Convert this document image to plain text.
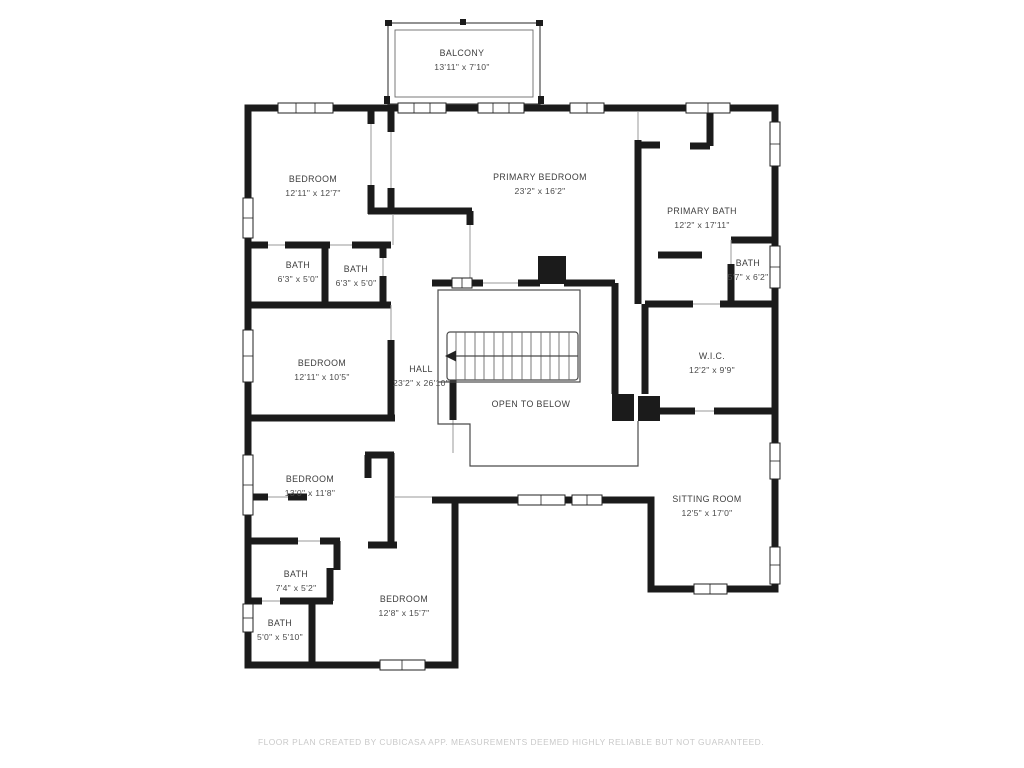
BALCONY
13'11" x 7'10"
BEDROOM
12'11" x 12'7"
PRIMARY BEDROOM
23'2" x 16'2"
PRIMARY BATH
12'2" x 17'11"
BATH
6'3" x 5'0"
BATH
6'3" x 5'0"
BATH
5'7" x 6'2"
BEDROOM
12'11" x 10'5"
HALL
23'2" x 26'10"
OPEN TO BELOW
W.I.C.
12'2" x 9'9"
BEDROOM
13'0" x 11'8"
SITTING ROOM
12'5" x 17'0"
BATH
7'4" x 5'2"
BATH
5'0" x 5'10"
BEDROOM
12'8" x 15'7"
FLOOR PLAN CREATED BY CUBICASA APP. MEASUREMENTS DEEMED HIGHLY RELIABLE BUT NOT GUARANTEED.
